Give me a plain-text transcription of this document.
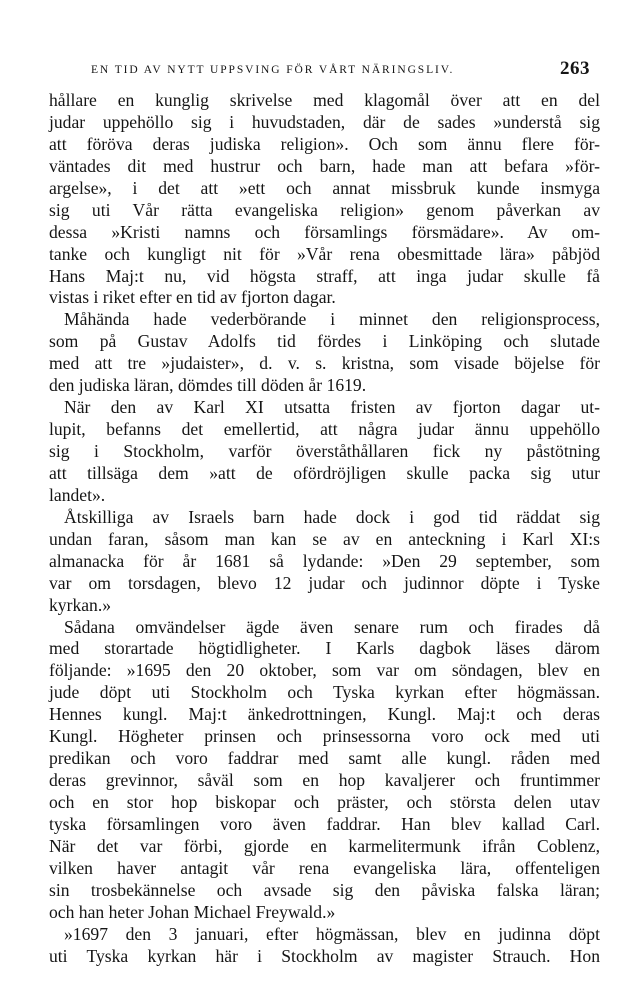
EN TID AV NYTT UPPSVING FÖR VÅRT NÄRINGSLIV.	263
hållare en kunglig skrivelse med klagomål över att en del
judar uppehöllo sig i huvudstaden, där de sades »understå sig
att föröva deras judiska religion». Och som ännu flere för-
väntades dit med hustrur och barn, hade man att befara »för-
argelse», i det att »ett och annat missbruk kunde insmyga
sig uti Vår rätta evangeliska religion» genom påverkan av
dessa »Kristi namns och församlings försmädare». Av om-
tanke och kungligt nit för »Vår rena obesmittade lära» påbjöd
Hans Maj:t nu, vid högsta straff, att inga judar skulle få
vistas i riket efter en tid av fjorton dagar.
Måhända hade vederbörande i minnet den religionsprocess,
som på Gustav Adolfs tid fördes i Linköping och slutade
med att tre »judaister», d. v. s. kristna, som visade böjelse för
den judiska läran, dömdes till döden år 1619.
När den av Karl XI utsatta fristen av fjorton dagar ut-
lupit, befanns det emellertid, att några judar ännu uppehöllo
sig i Stockholm, varför överståthållaren fick ny påstötning
att tillsäga dem »att de ofördröjligen skulle packa sig utur
landet».
Åtskilliga av Israels barn hade dock i god tid räddat sig
undan faran, såsom man kan se av en anteckning i Karl XI:s
almanacka för år 1681 så lydande: »Den 29 september, som
var om torsdagen, blevo 12 judar och judinnor döpte i Tyske
kyrkan.»
Sådana omvändelser ägde även senare rum och firades då
med storartade högtidligheter. I Karls dagbok läses därom
följande: »1695 den 20 oktober, som var om söndagen, blev en
jude döpt uti Stockholm och Tyska kyrkan efter högmässan.
Hennes kungl. Maj:t änkedrottningen, Kungl. Maj:t och deras
Kungl. Högheter prinsen och prinsessorna voro ock med uti
predikan och voro faddrar med samt alle kungl. råden med
deras grevinnor, såväl som en hop kavaljerer och fruntimmer
och en stor hop biskopar och präster, och största delen utav
tyska församlingen voro även faddrar. Han blev kallad Carl.
När det var förbi, gjorde en karmelitermunk ifrån Coblenz,
vilken haver antagit vår rena evangeliska lära, offenteligen
sin trosbekännelse och avsade sig den påviska falska läran;
och han heter Johan Michael Freywald.»
»1697 den 3 januari, efter högmässan, blev en judinna döpt
uti Tyska kyrkan här i Stockholm av magister Strauch. Hon
